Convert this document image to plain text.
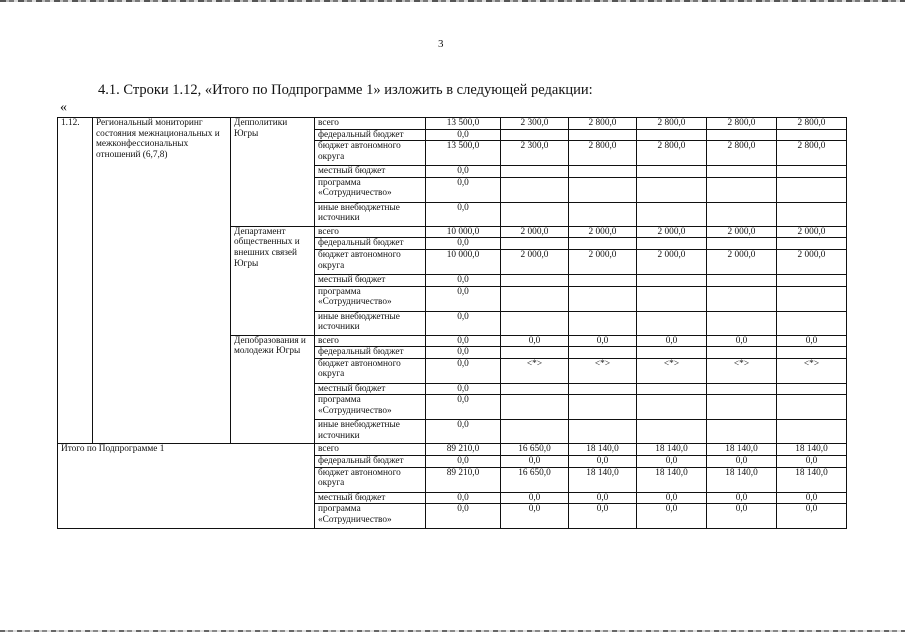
3
4.1. Строки 1.12, «Итого по Подпрограмме 1» изложить в следующей редакции:
«
1.12.	Региональный мониторинг состояния межнациональных и межконфессиональных отношений (6,7,8)	Депполитики Югры	всего	13 500,0	2 300,0	2 800,0	2 800,0	2 800,0	2 800,0
			федеральный бюджет	0,0					
			бюджет автономного округа	13 500,0	2 300,0	2 800,0	2 800,0	2 800,0	2 800,0
			местный бюджет	0,0					
			программа «Сотрудничество»	0,0					
			иные внебюджетные источники	0,0					
		Департамент общественных и внешних связей Югры	всего	10 000,0	2 000,0	2 000,0	2 000,0	2 000,0	2 000,0
			федеральный бюджет	0,0					
			бюджет автономного округа	10 000,0	2 000,0	2 000,0	2 000,0	2 000,0	2 000,0
			местный бюджет	0,0					
			программа «Сотрудничество»	0,0					
			иные внебюджетные источники	0,0					
		Депобразования и молодежи Югры	всего	0,0	0,0	0,0	0,0	0,0	0,0
			федеральный бюджет	0,0					
			бюджет автономного округа	0,0	<*>	<*>	<*>	<*>	<*>
			местный бюджет	0,0					
			программа «Сотрудничество»	0,0					
			иные внебюджетные источники	0,0					
Итого по Подпрограмме 1			всего	89 210,0	16 650,0	18 140,0	18 140,0	18 140,0	18 140,0
			федеральный бюджет	0,0	0,0	0,0	0,0	0,0	0,0
			бюджет автономного округа	89 210,0	16 650,0	18 140,0	18 140,0	18 140,0	18 140,0
			местный бюджет	0,0	0,0	0,0	0,0	0,0	0,0
			программа «Сотрудничество»	0,0	0,0	0,0	0,0	0,0	0,0
